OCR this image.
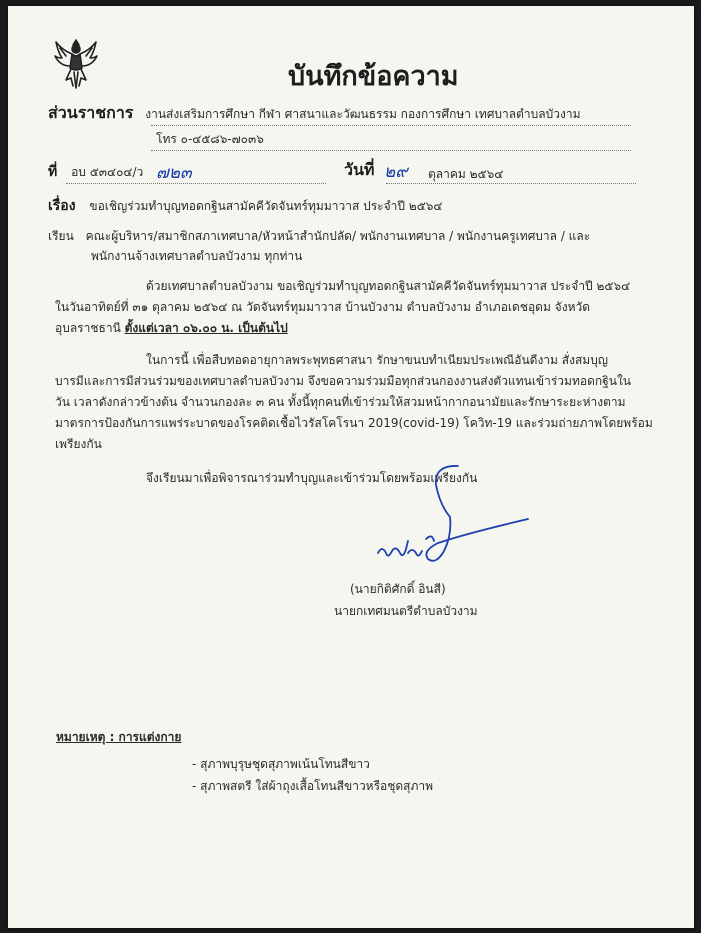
บันทึกข้อความ
ส่วนราชการ งานส่งเสริมการศึกษา กีฬา ศาสนาและวัฒนธรรม กองการศึกษา เทศบาลตำบลบัวงาม
โทร ๐-๔๕๘๖-๗๐๓๖
ที่ อบ ๕๓๔๐๔/ว ๗๒๓	วันที่ ๒๙ ตุลาคม ๒๕๖๔
เรื่อง ขอเชิญร่วมทำบุญทอดกฐินสามัคคีวัดจันทร์ทุมมาวาส ประจำปี ๒๕๖๔
เรียน คณะผู้บริหาร/สมาชิกสภาเทศบาล/หัวหน้าสำนักปลัด/ พนักงานเทศบาล / พนักงานครูเทศบาล / และ
พนักงานจ้างเทศบาลตำบลบัวงาม ทุกท่าน
ด้วยเทศบาลตำบลบัวงาม ขอเชิญร่วมทำบุญทอดกฐินสามัคคีวัดจันทร์ทุมมาวาส ประจำปี ๒๕๖๔
ในวันอาทิตย์ที่ ๓๑ ตุลาคม ๒๕๖๔ ณ วัดจันทร์ทุมมาวาส บ้านบัวงาม ตำบลบัวงาม อำเภอเดชอุดม จังหวัด
อุบลราชธานี ตั้งแต่เวลา ๐๖.๐๐ น. เป็นต้นไป
ในการนี้ เพื่อสืบทอดอายุกาลพระพุทธศาสนา รักษาขนบทำเนียมประเพณีอันดีงาม สั่งสมบุญ
บารมีและการมีส่วนร่วมของเทศบาลตำบลบัวงาม จึงขอความร่วมมือทุกส่วนกองงานส่งตัวแทนเข้าร่วมทอดกฐินใน
วัน เวลาดังกล่าวข้างต้น จำนวนกองละ ๓ คน ทั้งนี้ทุกคนที่เข้าร่วมให้สวมหน้ากากอนามัยและรักษาระยะห่างตาม
มาตรการป้องกันการแพร่ระบาดของโรคติดเชื้อไวรัสโคโรนา 2019(covid-19) โควิท-19 และร่วมถ่ายภาพโดยพร้อม
เพรียงกัน
จึงเรียนมาเพื่อพิจารณาร่วมทำบุญและเข้าร่วมโดยพร้อมเพรียงกัน
(นายกิติศักดิ์ อินสี)
นายกเทศมนตรีตำบลบัวงาม
หมายเหตุ : การแต่งกาย
- สุภาพบุรุษชุดสุภาพเน้นโทนสีขาว
- สุภาพสตรี ใส่ผ้าถุงเสื้อโทนสีขาวหรือชุดสุภาพ
